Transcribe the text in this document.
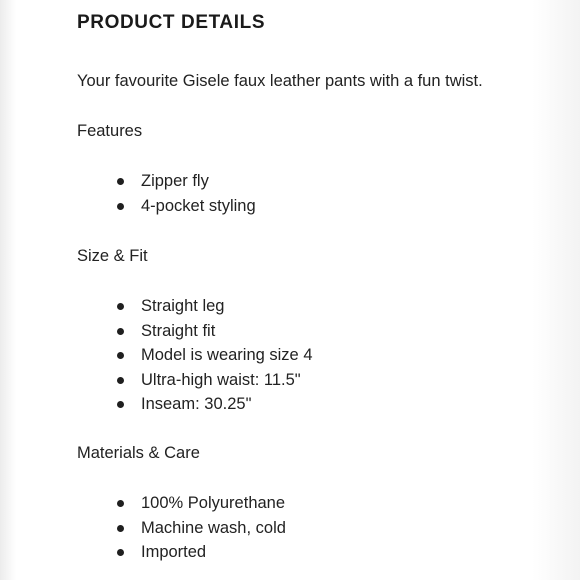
PRODUCT DETAILS

Your favourite Gisele faux leather pants with a fun twist.

Features

Zipper fly
4-pocket styling

Size & Fit

Straight leg
Straight fit
Model is wearing size 4
Ultra-high waist: 11.5"
Inseam: 30.25"

Materials & Care

100% Polyurethane
Machine wash, cold
Imported
